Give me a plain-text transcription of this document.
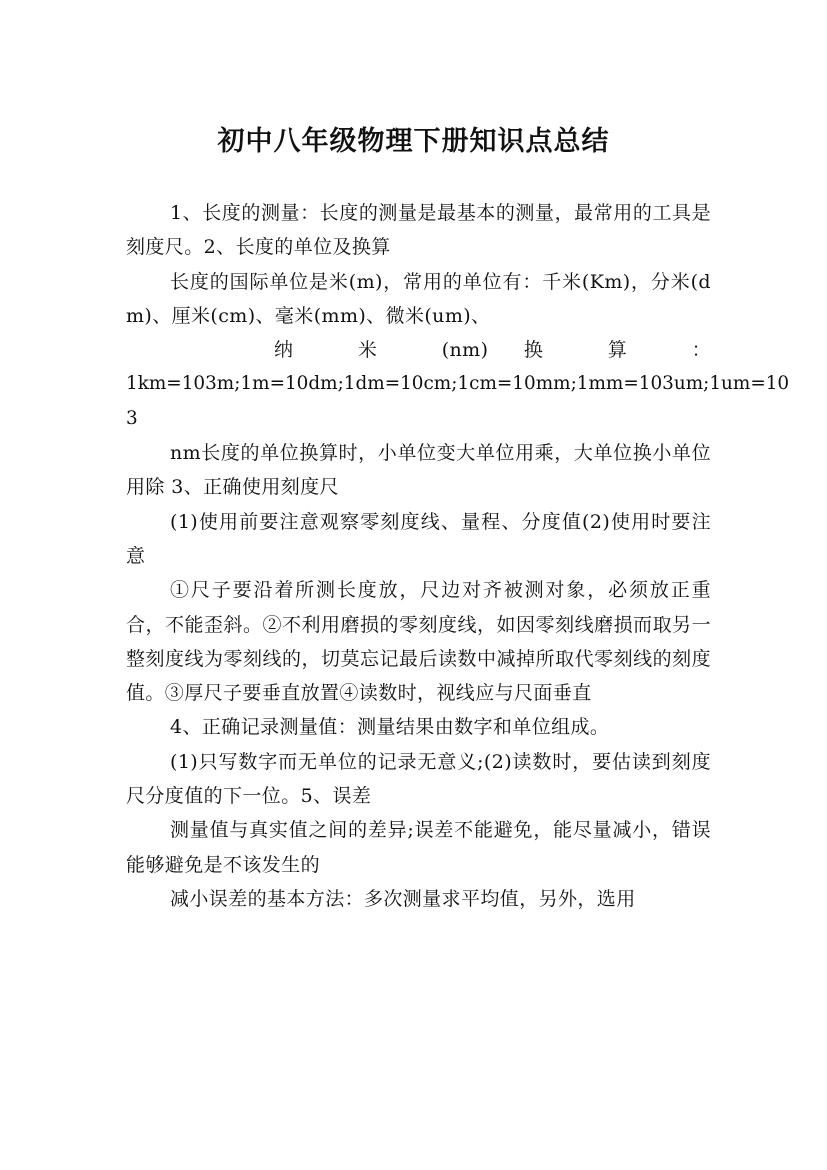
初中八年级物理下册知识点总结

1、长度的测量：长度的测量是最基本的测量，最常用的工具是刻度尺。2、长度的单位及换算

长度的国际单位是米(m)，常用的单位有：千米(Km)，分米(dm)、厘米(cm)、毫米(mm)、微米(um)、

纳 米 (nm) 换 算 ：
1km=103m;1m=10dm;1dm=10cm;1cm=10mm;1mm=103um;1um=10
3

nm长度的单位换算时，小单位变大单位用乘，大单位换小单位用除 3、正确使用刻度尺

(1)使用前要注意观察零刻度线、量程、分度值(2)使用时要注意

①尺子要沿着所测长度放，尺边对齐被测对象，必须放正重合，不能歪斜。②不利用磨损的零刻度线，如因零刻线磨损而取另一整刻度线为零刻线的，切莫忘记最后读数中减掉所取代零刻线的刻度值。③厚尺子要垂直放置④读数时，视线应与尺面垂直

4、正确记录测量值：测量结果由数字和单位组成。

(1)只写数字而无单位的记录无意义;(2)读数时，要估读到刻度尺分度值的下一位。5、误差

测量值与真实值之间的差异;误差不能避免，能尽量减小，错误能够避免是不该发生的

减小误差的基本方法：多次测量求平均值，另外，选用
